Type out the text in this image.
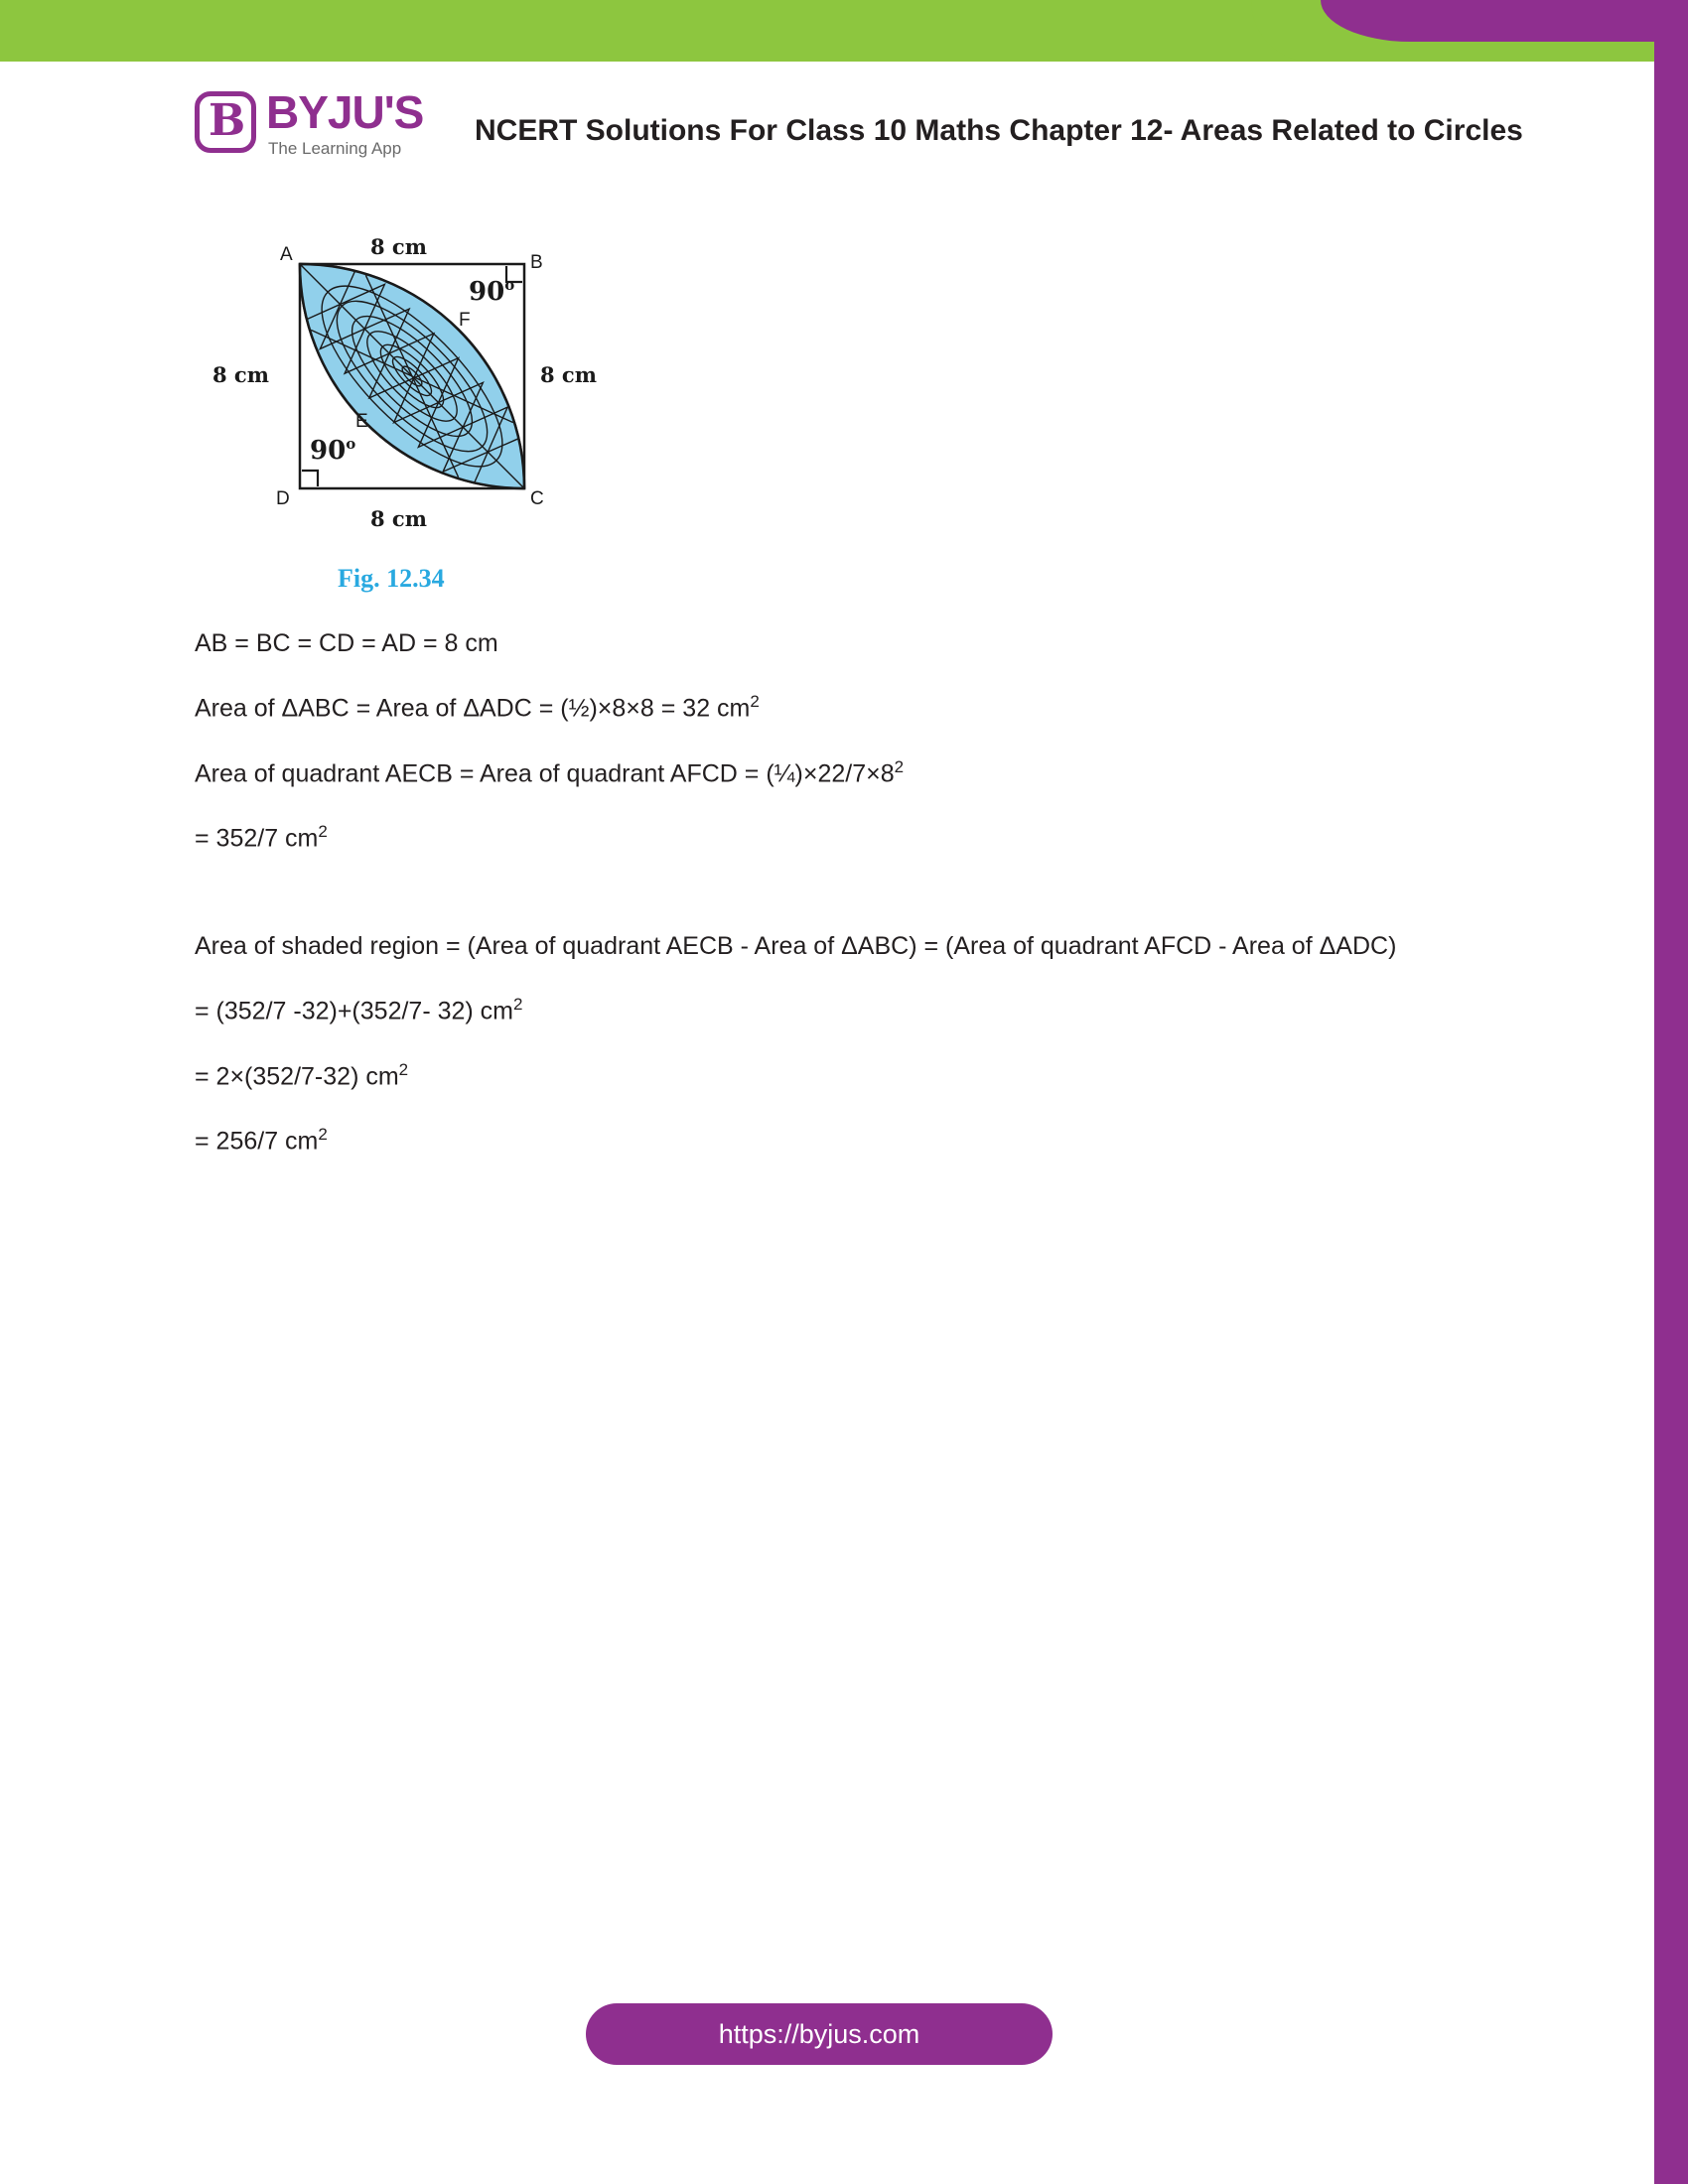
B BYJU'S
The Learning App
NCERT Solutions For Class 10 Maths Chapter 12- Areas Related to Circles
A	B
C
D
E
F
8 cm
8 cm
8 cm	8 cm
90$^o$
90$^o$
Fig. 12.34

AB = BC = CD = AD = 8 cm

Area of ΔABC = Area of ΔADC = (½)×8×8 = 32 $cm^2$

Area of quadrant AECB = Area of quadrant AFCD = $(\frac{1}{4})\times 22/7\times 8^2$

= 352/7 $cm^2$

Area of shaded region = (Area of quadrant AECB - Area of ΔABC) = (Area of quadrant AFCD - Area of ΔADC)

= (352/7 -32)+(352/7- 32) $cm^2$

= 2×(352/7-32) $cm^2$

= 256/7 $cm^2$

https://byjus.com
